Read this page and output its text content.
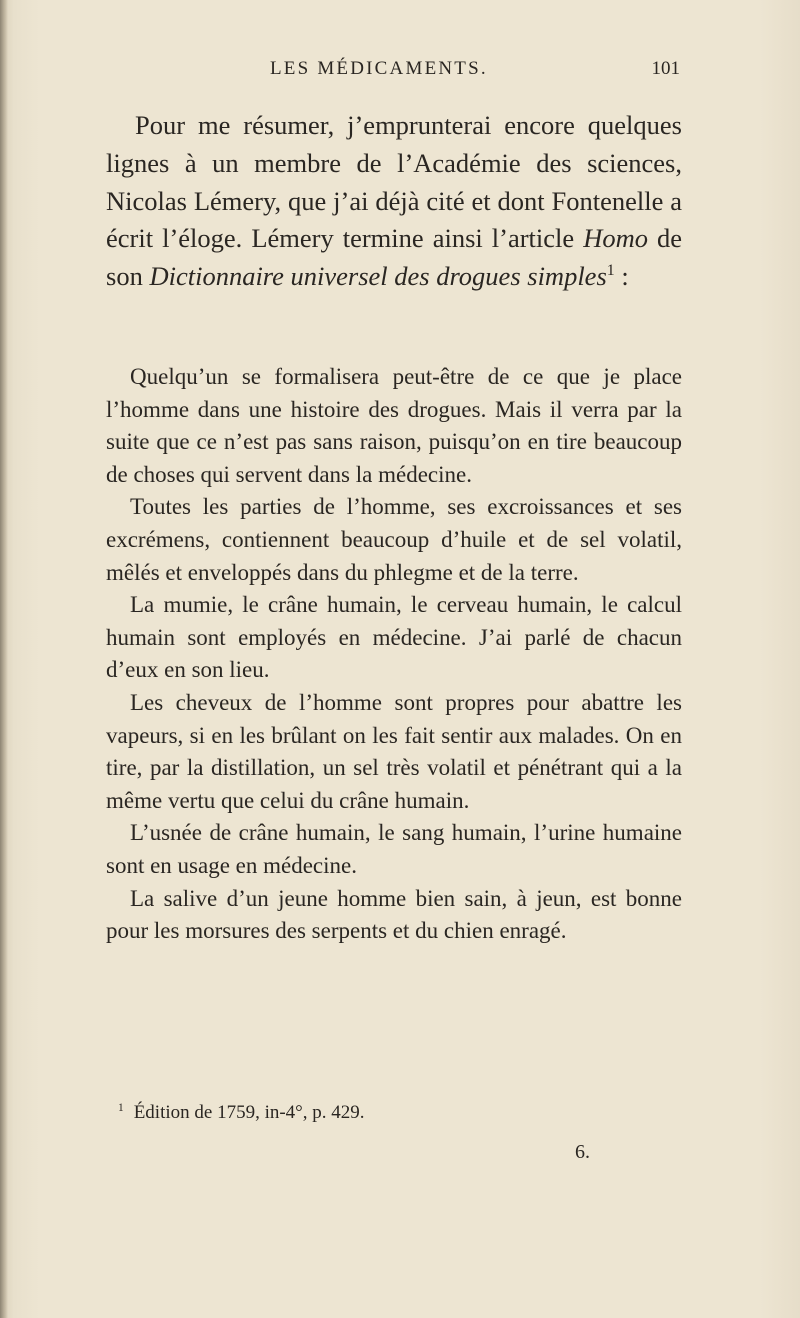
LES MÉDICAMENTS.	101

Pour me résumer, j’emprunterai encore quelques lignes à un membre de l’Académie des sciences, Nicolas Lémery, que j’ai déjà cité et dont Fontenelle a écrit l’éloge. Lémery termine ainsi l’article Homo de son Dictionnaire universel des drogues simples$^1$ :

Quelqu’un se formalisera peut-être de ce que je place l’homme dans une histoire des drogues. Mais il verra par la suite que ce n’est pas sans raison, puisqu’on en tire beaucoup de choses qui servent dans la médecine.

Toutes les parties de l’homme, ses excroissances et ses excrémens, contiennent beaucoup d’huile et de sel volatil, mêlés et enveloppés dans du phlegme et de la terre.

La mumie, le crâne humain, le cerveau humain, le calcul humain sont employés en médecine. J’ai parlé de chacun d’eux en son lieu.

Les cheveux de l’homme sont propres pour abattre les vapeurs, si en les brûlant on les fait sentir aux malades. On en tire, par la distillation, un sel très volatil et pénétrant qui a la même vertu que celui du crâne humain.

L’usnée de crâne humain, le sang humain, l’urine humaine sont en usage en médecine.

La salive d’un jeune homme bien sain, à jeun, est bonne pour les morsures des serpents et du chien enragé.

$^1$ Édition de 1759, in-4°, p. 429.
6.
